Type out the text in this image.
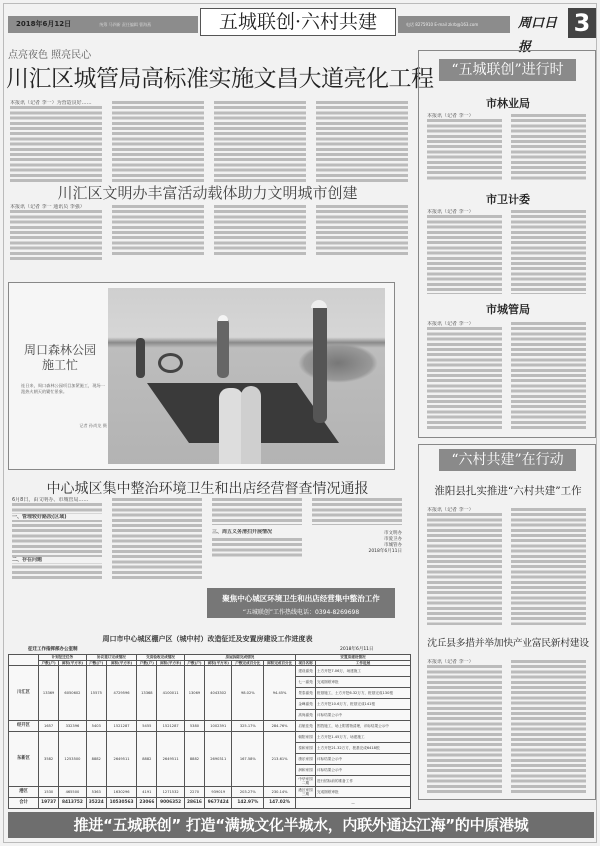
2018年6月12日	统筹 马四新 责任编辑 曹海燕	五城联创·六村共建	电话 8275910 E-mail zkrb@163.com	周口日报
3
点亮夜色 照亮民心
川汇区城管局高标准实施文昌大道亮化工程
本报讯（记者 李一）为营造良好……
川汇区文明办丰富活动载体助力文明城市创建
本报讯（记者 李一 通讯员 李强）
周口森林公园
施工忙
连日来，周口森林公园项目加紧施工，现场一派热火朝天的繁忙景象。
记者 孙尚龙 摄
中心城区集中整治环境卫生和出店经营督查情况通报
6月8日，由文明办、市城管局……
一、管理较好路段(区域)
二、存在问题
三、周五义务清扫开展情况	市文明办
市爱卫办
市城管办
2018年6月11日
聚焦中心城区环境卫生和出店经营集中整治工作
“五城联创”工作热线电话：0394-8269698
周口市中心城区棚户区（城中村）改造征迁及安置房建设工作进度表
征迁工作指挥部办公室制	2018年6月11日
	计划征迁任务		协议签订完成情况		交房验收完成情况		房屋拆除完成情况				安置房建设情况	
	户数(户)	面积(平方米)	户数(户)	面积(平方米)	户数(户)	面积(平方米)	户数(户)	面积(平方米)	户数完成百分比	面积完成百分比	项目名称	工作进展
川汇区	13369	6050602	15575	4729596	13368	4100011	13069	4043302	98.02%	94.45%	建设嘉苑	土方开挖7.06万，场建施工
											七一嘉苑	完成图纸审批
											景泰嘉苑	桩基施工，土方开挖6.32万方，桩基完成130根
											金峰嘉苑	土方开挖10.6万方，桩基完成141根
											高尚嘉苑	评标结果公示中
经开区	1657	332396	5403	1521287	5455	1521287	5380	1002391	325.17%	284.76%	启航佳苑	围挡施工，场上附着物清理，评标结果公示中
东新区	3582	1253500	8882	2649511	8882	2649511	8882	2690311	167.58%	213.61%	朝阳家园	土方开挖1.45万方，场建施工
											泰和家园	土方开挖21.32万方，桩基完成6418根
											康乐家园	评标结果公示中
											润和家园	评标结果公示中
											中华家园二期	进行招标前的准备工作
港区	1530	465500	5363	1630296	4191	1271532	2270	939019	203.27%	230.14%	港区家园三期	完成图纸审批
合计	19737	8413752	35224	10530563	23066	9006352	28616	9677424	142.97%	147.02%	—	
“五城联创”进行时
市林业局
本报讯（记者 李一）
市卫计委
本报讯（记者 李一）
市城管局
本报讯（记者 李一）
“六村共建”在行动
淮阳县扎实推进“六村共建”工作
本报讯（记者 李一）
沈丘县多措并举加快产业富民新村建设
本报讯（记者 李一）
推进“五城联创” 打造“满城文化半城水，内联外通达江海”的中原港城
